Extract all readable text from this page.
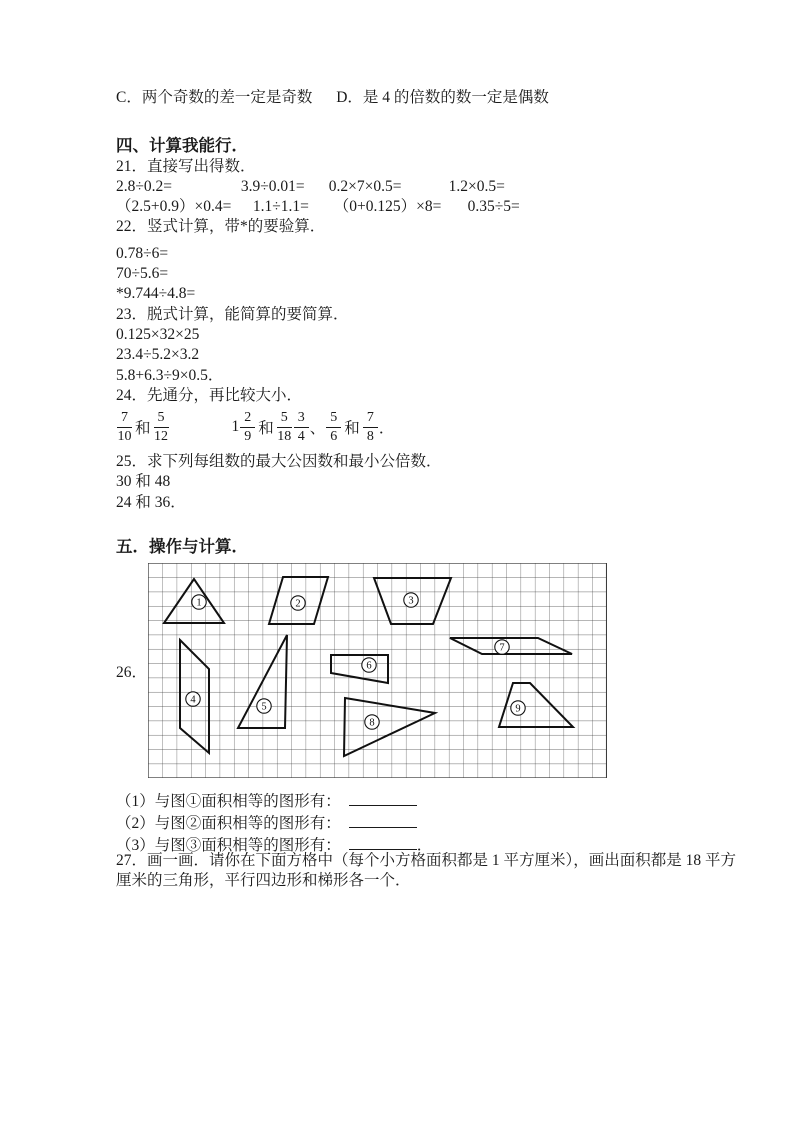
C．两个奇数的差一定是奇数 D．是 4 的倍数的数一定是偶数
四、计算我能行．
21．直接写出得数．
2.8÷0.2=	3.9÷0.01= 0.2×7×0.5=	1.2×0.5=
（2.5+0.9）×0.4= 1.1÷1.1= （0+0.125）×8= 0.35÷5=
22．竖式计算，带*的要验算．
0.78÷6=
70÷5.6=
*9.744÷4.8=
23．脱式计算，能简算的要简算．
0.125×32×25
23.4÷5.2×3.2
5.8+6.3÷9×0.5．
24．先通分，再比较大小．
$\frac{7}{10}$ 和 $\frac{5}{12}$	$1 \frac{2}{9}$ 和 $\frac{5}{18} \frac{3}{4}$ 、 $\frac{5}{6}$ 和 $\frac{7}{8}$ ．
25．求下列每组数的最大公因数和最小公倍数．
30 和 48
24 和 36．
五．操作与计算．
26．
1	2	3
4
5
6
7
8
9
（1）与图①面积相等的图形有：
（2）与图②面积相等的图形有：
（3）与图③面积相等的图形有：	．
27．画一画．请你在下面方格中（每个小方格面积都是 1 平方厘米），画出面积都是 18 平方
厘米的三角形，平行四边形和梯形各一个．
